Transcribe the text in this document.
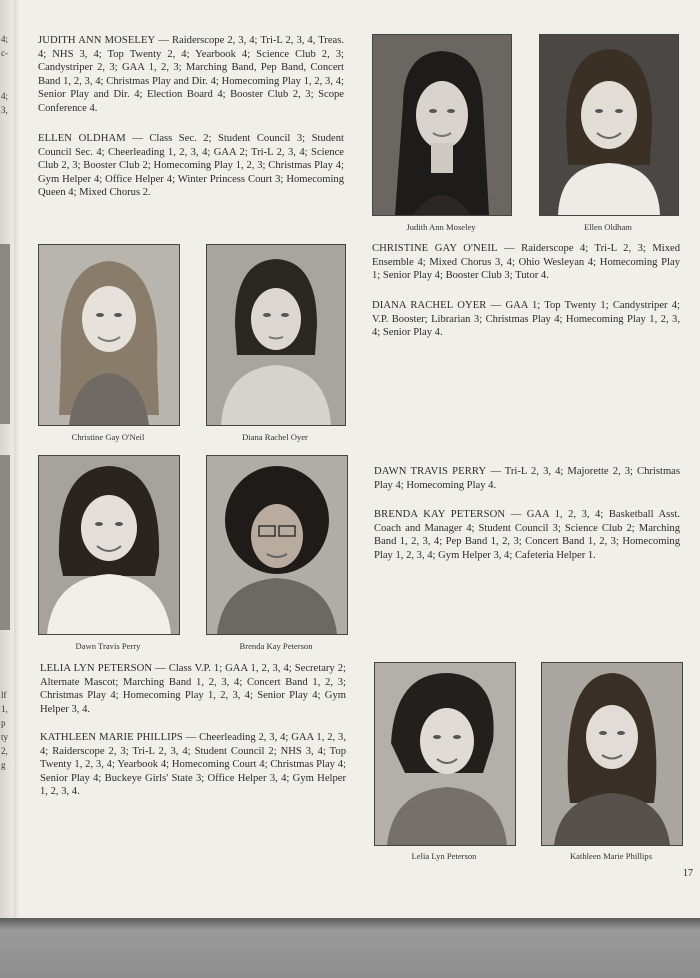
4;
c-
4;
3,
lf
1,
p
ty
2,
g
JUDITH ANN MOSELEY — Raiderscope 2, 3, 4; Tri-L 2, 3, 4, Treas. 4; NHS 3, 4; Top Twenty 2, 4; Yearbook 4; Science Club 2, 3; Candystriper 2, 3; GAA 1, 2, 3; Marching Band, Pep Band, Concert Band 1, 2, 3, 4; Christmas Play and Dir. 4; Homecoming Play 1, 2, 3, 4; Senior Play and Dir. 4; Election Board 4; Booster Club 2, 3; Scope Conference 4.
ELLEN OLDHAM — Class Sec. 2; Student Council 3; Student Council Sec. 4; Cheerleading 1, 2, 3, 4; GAA 2; Tri-L 2, 3, 4; Science Club 2, 3; Booster Club 2; Homecoming Play 1, 2, 3; Christmas Play 4; Gym Helper 4; Office Helper 4; Winter Princess Court 3; Homecoming Queen 4; Mixed Chorus 2.
CHRISTINE GAY O'NEIL — Raiderscope 4; Tri-L 2, 3; Mixed Ensemble 4; Mixed Chorus 3, 4; Ohio Wesleyan 4; Homecoming Play 1; Senior Play 4; Booster Club 3; Tutor 4.
DIANA RACHEL OYER — GAA 1; Top Twenty 1; Candystriper 4; V.P. Booster; Librarian 3; Christmas Play 4; Homecoming Play 1, 2, 3, 4; Senior Play 4.
DAWN TRAVIS PERRY — Tri-L 2, 3, 4; Majorette 2, 3; Christmas Play 4; Homecoming Play 4.
BRENDA KAY PETERSON — GAA 1, 2, 3, 4; Basketball Asst. Coach and Manager 4; Student Council 3; Science Club 2; Marching Band 1, 2, 3, 4; Pep Band 1, 2, 3; Concert Band 1, 2, 3; Homecoming Play 1, 2, 3, 4; Gym Helper 3, 4; Cafeteria Helper 1.
LELIA LYN PETERSON — Class V.P. 1; GAA 1, 2, 3, 4; Secretary 2; Alternate Mascot; Marching Band 1, 2, 3, 4; Concert Band 1, 2, 3; Christmas Play 4; Homecoming Play 1, 2, 3, 4; Senior Play 4; Gym Helper 3, 4.
KATHLEEN MARIE PHILLIPS — Cheerleading 2, 3, 4; GAA 1, 2, 3, 4; Raiderscope 2, 3; Tri-L 2, 3, 4; Student Council 2; NHS 3, 4; Top Twenty 1, 2, 3, 4; Yearbook 4; Homecoming Court 4; Christmas Play 4; Senior Play 4; Buckeye Girls' State 3; Office Helper 3, 4; Gym Helper 1, 2, 3, 4.
Judith Ann Moseley	Ellen Oldham
Christine Gay O'Neil	Diana Rachel Oyer
Dawn Travis Perry	Brenda Kay Peterson
Lelia Lyn Peterson	Kathleen Marie Phillips
17
